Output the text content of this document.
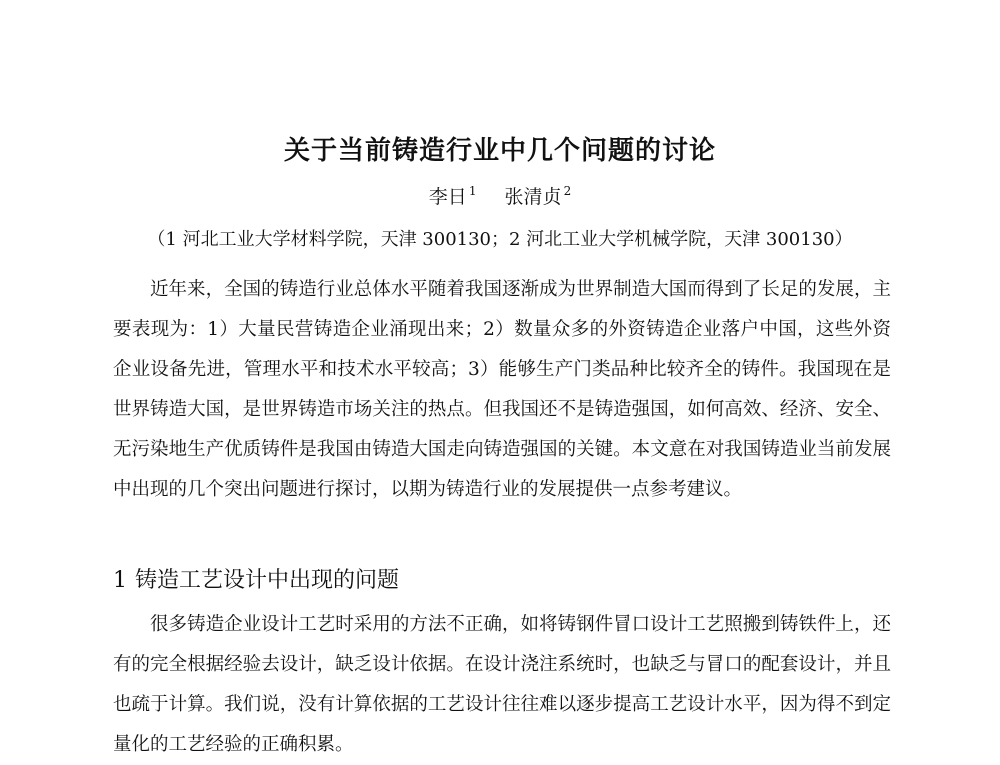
关于当前铸造行业中几个问题的讨论
李日 $^1$ 张清贞 $^2$
（1 河北工业大学材料学院，天津 300130；2 河北工业大学机械学院，天津 300130）

近年来，全国的铸造行业总体水平随着我国逐渐成为世界制造大国而得到了长足的发展，主要表现为：1）大量民营铸造企业涌现出来；2）数量众多的外资铸造企业落户中国，这些外资企业设备先进，管理水平和技术水平较高；3）能够生产门类品种比较齐全的铸件。我国现在是世界铸造大国，是世界铸造市场关注的热点。但我国还不是铸造强国，如何高效、经济、安全、无污染地生产优质铸件是我国由铸造大国走向铸造强国的关键。本文意在对我国铸造业当前发展中出现的几个突出问题进行探讨，以期为铸造行业的发展提供一点参考建议。

1 铸造工艺设计中出现的问题

很多铸造企业设计工艺时采用的方法不正确，如将铸钢件冒口设计工艺照搬到铸铁件上，还有的完全根据经验去设计，缺乏设计依据。在设计浇注系统时，也缺乏与冒口的配套设计，并且也疏于计算。我们说，没有计算依据的工艺设计往往难以逐步提高工艺设计水平，因为得不到定量化的工艺经验的正确积累。
